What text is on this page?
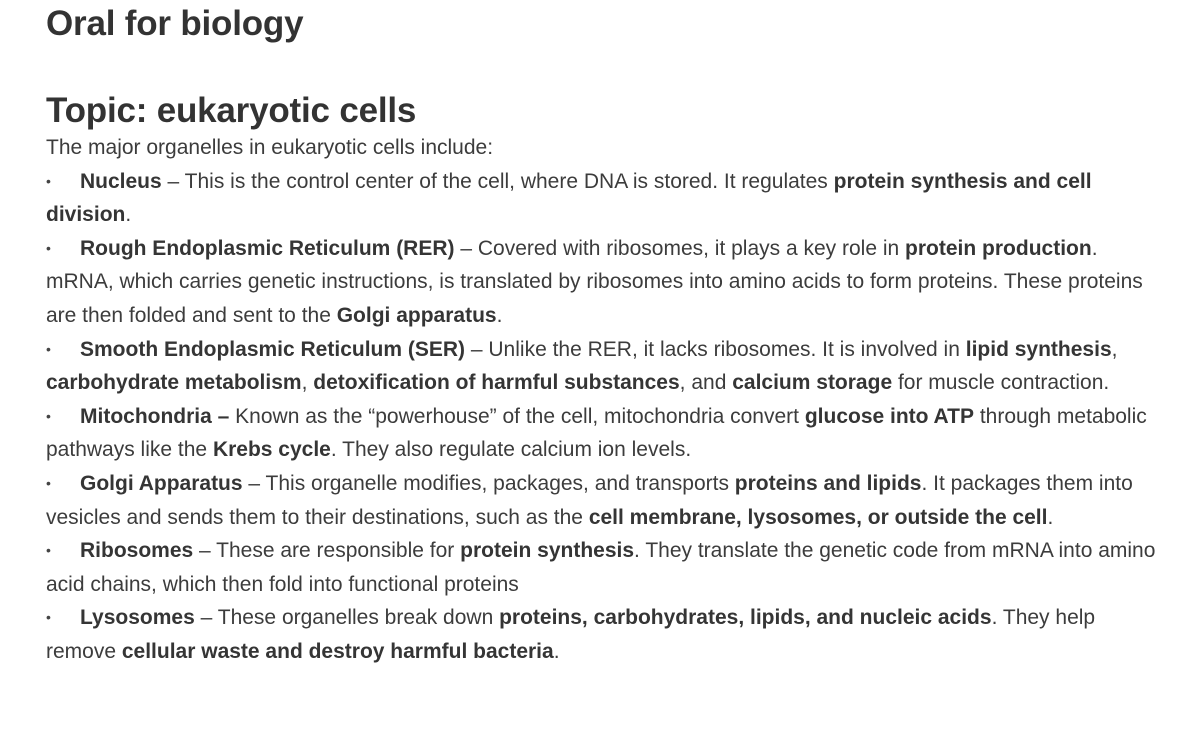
Oral for biology
Topic: eukaryotic cells

The major organelles in eukaryotic cells include:

• Nucleus – This is the control center of the cell, where DNA is stored. It regulates protein synthesis and cell division.
• Rough Endoplasmic Reticulum (RER) – Covered with ribosomes, it plays a key role in protein production. mRNA, which carries genetic instructions, is translated by ribosomes into amino acids to form proteins. These proteins are then folded and sent to the Golgi apparatus.
• Smooth Endoplasmic Reticulum (SER) – Unlike the RER, it lacks ribosomes. It is involved in lipid synthesis, carbohydrate metabolism, detoxification of harmful substances, and calcium storage for muscle contraction.
• Mitochondria – Known as the “powerhouse” of the cell, mitochondria convert glucose into ATP through metabolic pathways like the Krebs cycle. They also regulate calcium ion levels.
• Golgi Apparatus – This organelle modifies, packages, and transports proteins and lipids. It packages them into vesicles and sends them to their destinations, such as the cell membrane, lysosomes, or outside the cell.
• Ribosomes – These are responsible for protein synthesis. They translate the genetic code from mRNA into amino acid chains, which then fold into functional proteins
• Lysosomes – These organelles break down proteins, carbohydrates, lipids, and nucleic acids. They help remove cellular waste and destroy harmful bacteria.
